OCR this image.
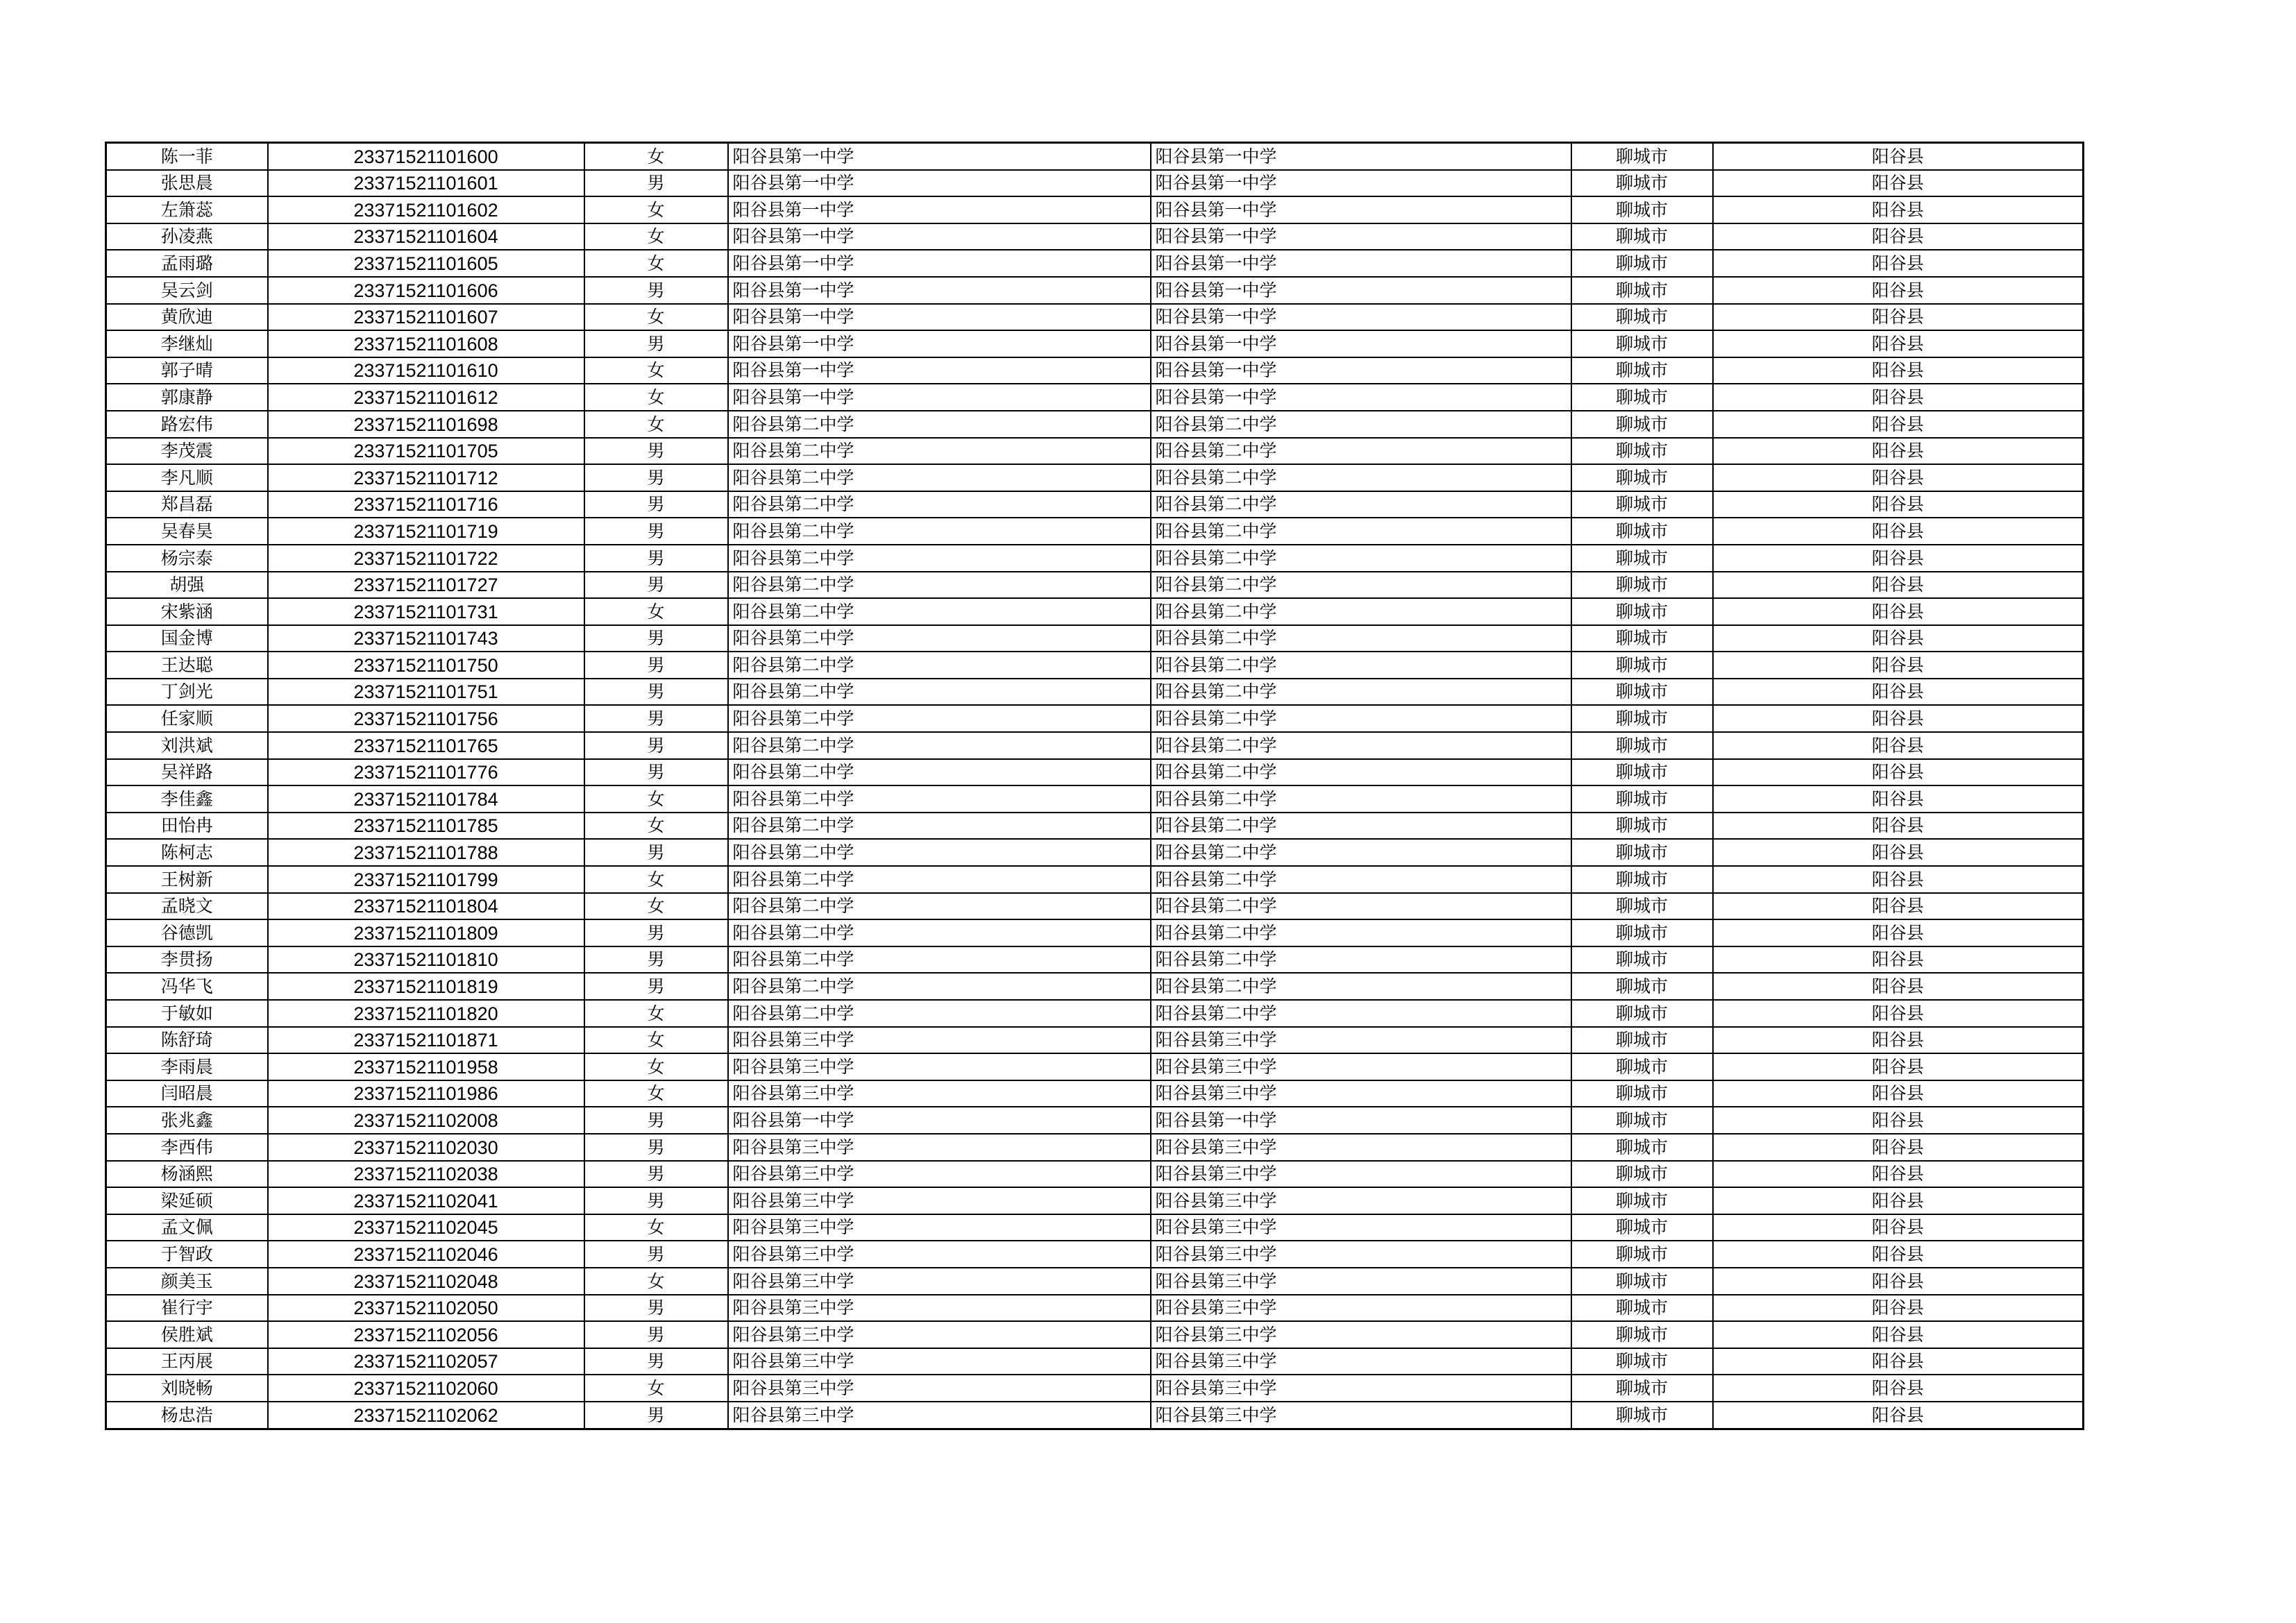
陈一菲	23371521101600	女	阳谷县第一中学	阳谷县第一中学	聊城市	阳谷县
张思晨	23371521101601	男	阳谷县第一中学	阳谷县第一中学	聊城市	阳谷县
左箫蕊	23371521101602	女	阳谷县第一中学	阳谷县第一中学	聊城市	阳谷县
孙凌燕	23371521101604	女	阳谷县第一中学	阳谷县第一中学	聊城市	阳谷县
孟雨璐	23371521101605	女	阳谷县第一中学	阳谷县第一中学	聊城市	阳谷县
吴云剑	23371521101606	男	阳谷县第一中学	阳谷县第一中学	聊城市	阳谷县
黄欣迪	23371521101607	女	阳谷县第一中学	阳谷县第一中学	聊城市	阳谷县
李继灿	23371521101608	男	阳谷县第一中学	阳谷县第一中学	聊城市	阳谷县
郭子晴	23371521101610	女	阳谷县第一中学	阳谷县第一中学	聊城市	阳谷县
郭康静	23371521101612	女	阳谷县第一中学	阳谷县第一中学	聊城市	阳谷县
路宏伟	23371521101698	女	阳谷县第二中学	阳谷县第二中学	聊城市	阳谷县
李茂震	23371521101705	男	阳谷县第二中学	阳谷县第二中学	聊城市	阳谷县
李凡顺	23371521101712	男	阳谷县第二中学	阳谷县第二中学	聊城市	阳谷县
郑昌磊	23371521101716	男	阳谷县第二中学	阳谷县第二中学	聊城市	阳谷县
吴春昊	23371521101719	男	阳谷县第二中学	阳谷县第二中学	聊城市	阳谷县
杨宗泰	23371521101722	男	阳谷县第二中学	阳谷县第二中学	聊城市	阳谷县
胡强	23371521101727	男	阳谷县第二中学	阳谷县第二中学	聊城市	阳谷县
宋紫涵	23371521101731	女	阳谷县第二中学	阳谷县第二中学	聊城市	阳谷县
国金博	23371521101743	男	阳谷县第二中学	阳谷县第二中学	聊城市	阳谷县
王达聪	23371521101750	男	阳谷县第二中学	阳谷县第二中学	聊城市	阳谷县
丁剑光	23371521101751	男	阳谷县第二中学	阳谷县第二中学	聊城市	阳谷县
任家顺	23371521101756	男	阳谷县第二中学	阳谷县第二中学	聊城市	阳谷县
刘洪斌	23371521101765	男	阳谷县第二中学	阳谷县第二中学	聊城市	阳谷县
吴祥路	23371521101776	男	阳谷县第二中学	阳谷县第二中学	聊城市	阳谷县
李佳鑫	23371521101784	女	阳谷县第二中学	阳谷县第二中学	聊城市	阳谷县
田怡冉	23371521101785	女	阳谷县第二中学	阳谷县第二中学	聊城市	阳谷县
陈柯志	23371521101788	男	阳谷县第二中学	阳谷县第二中学	聊城市	阳谷县
王树新	23371521101799	女	阳谷县第二中学	阳谷县第二中学	聊城市	阳谷县
孟晓文	23371521101804	女	阳谷县第二中学	阳谷县第二中学	聊城市	阳谷县
谷德凯	23371521101809	男	阳谷县第二中学	阳谷县第二中学	聊城市	阳谷县
李贯扬	23371521101810	男	阳谷县第二中学	阳谷县第二中学	聊城市	阳谷县
冯华飞	23371521101819	男	阳谷县第二中学	阳谷县第二中学	聊城市	阳谷县
于敏如	23371521101820	女	阳谷县第二中学	阳谷县第二中学	聊城市	阳谷县
陈舒琦	23371521101871	女	阳谷县第三中学	阳谷县第三中学	聊城市	阳谷县
李雨晨	23371521101958	女	阳谷县第三中学	阳谷县第三中学	聊城市	阳谷县
闫昭晨	23371521101986	女	阳谷县第三中学	阳谷县第三中学	聊城市	阳谷县
张兆鑫	23371521102008	男	阳谷县第一中学	阳谷县第一中学	聊城市	阳谷县
李西伟	23371521102030	男	阳谷县第三中学	阳谷县第三中学	聊城市	阳谷县
杨涵熙	23371521102038	男	阳谷县第三中学	阳谷县第三中学	聊城市	阳谷县
梁延硕	23371521102041	男	阳谷县第三中学	阳谷县第三中学	聊城市	阳谷县
孟文佩	23371521102045	女	阳谷县第三中学	阳谷县第三中学	聊城市	阳谷县
于智政	23371521102046	男	阳谷县第三中学	阳谷县第三中学	聊城市	阳谷县
颜美玉	23371521102048	女	阳谷县第三中学	阳谷县第三中学	聊城市	阳谷县
崔行宇	23371521102050	男	阳谷县第三中学	阳谷县第三中学	聊城市	阳谷县
侯胜斌	23371521102056	男	阳谷县第三中学	阳谷县第三中学	聊城市	阳谷县
王丙展	23371521102057	男	阳谷县第三中学	阳谷县第三中学	聊城市	阳谷县
刘晓畅	23371521102060	女	阳谷县第三中学	阳谷县第三中学	聊城市	阳谷县
杨忠浩	23371521102062	男	阳谷县第三中学	阳谷县第三中学	聊城市	阳谷县
